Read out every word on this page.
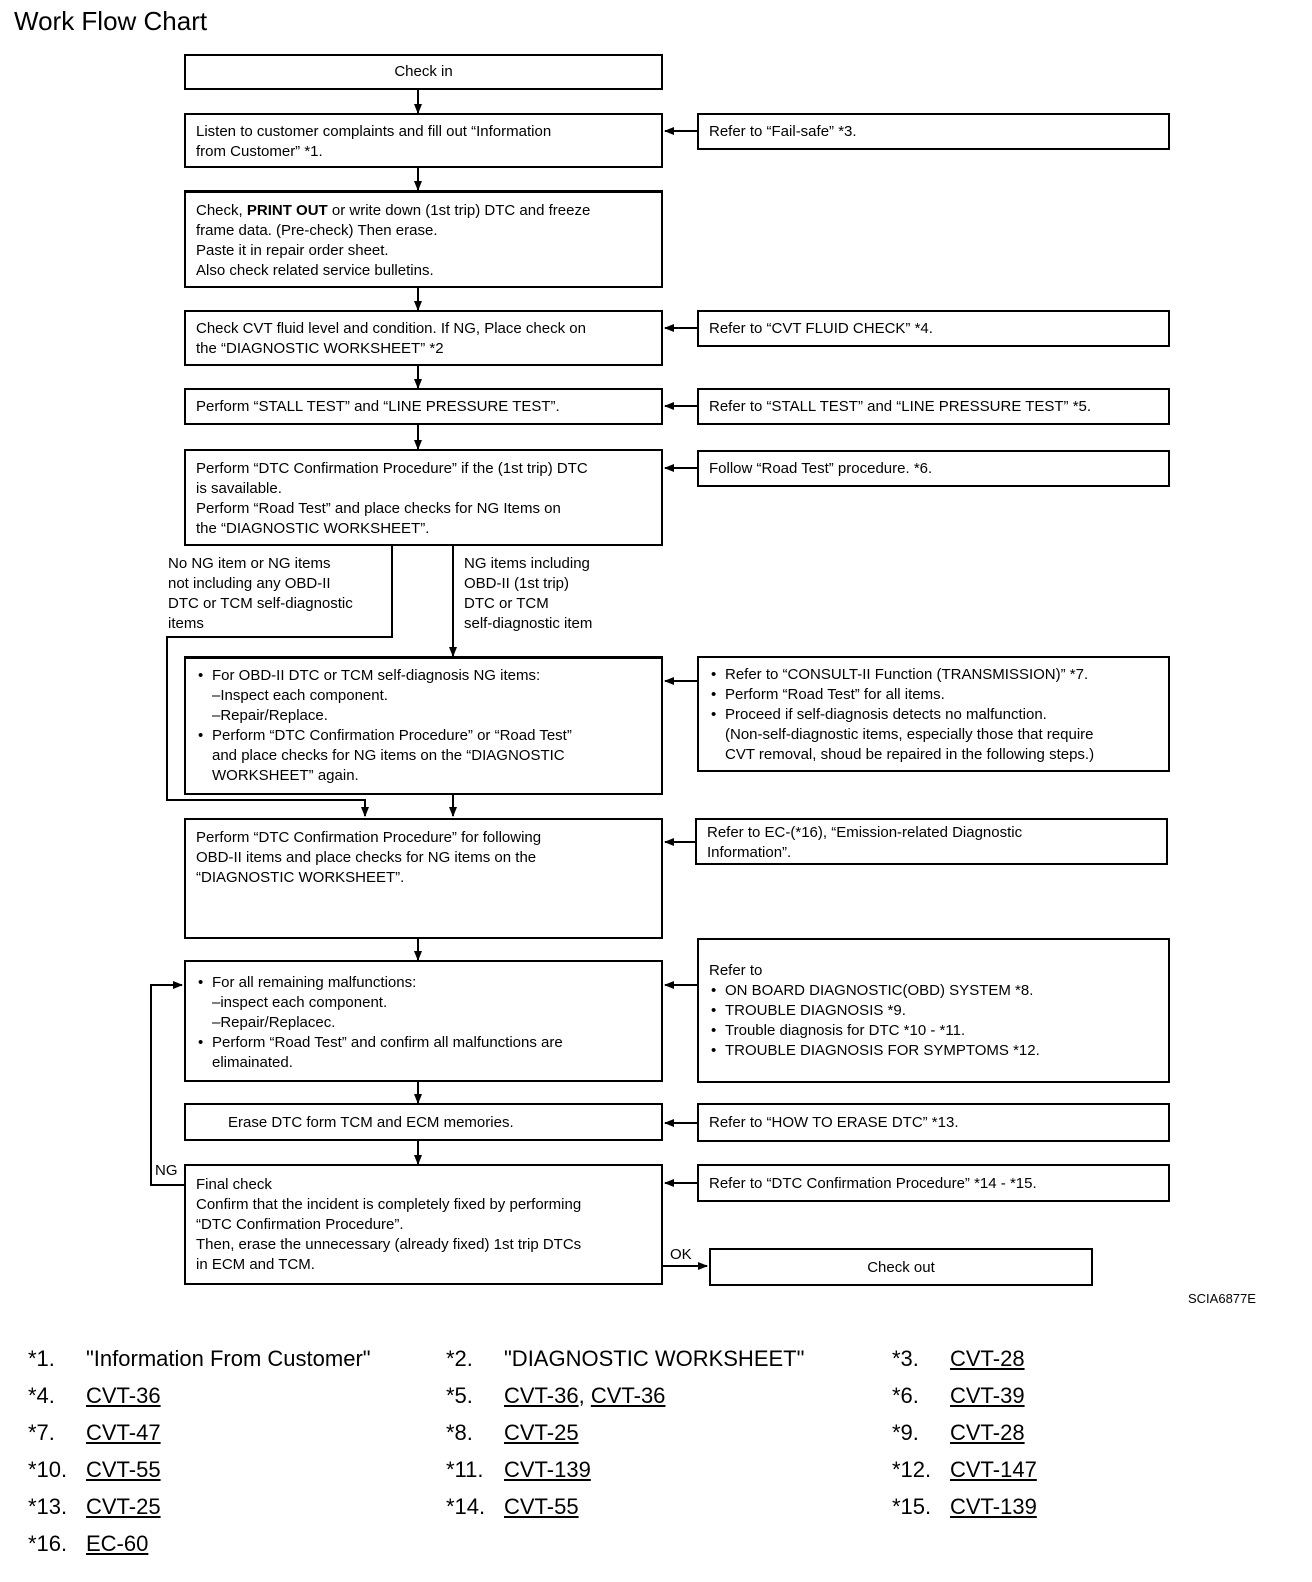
Work Flow Chart
Check in
Listen to customer complaints and fill out “Information
from Customer” *1.
Refer to “Fail-safe” *3.
Check, PRINT OUT or write down (1st trip) DTC and freeze
frame data. (Pre-check) Then erase.
Paste it in repair order sheet.
Also check related service bulletins.
Check CVT fluid level and condition. If NG, Place check on
the “DIAGNOSTIC WORKSHEET” *2
Refer to “CVT FLUID CHECK” *4.
Perform “STALL TEST” and “LINE PRESSURE TEST”.	Refer to “STALL TEST” and “LINE PRESSURE TEST” *5.
Perform “DTC Confirmation Procedure” if the (1st trip) DTC
is savailable.
Perform “Road Test” and place checks for NG Items on
the “DIAGNOSTIC WORKSHEET”.
Follow “Road Test” procedure. *6.
No NG item or NG items
not including any OBD-II
DTC or TCM self-diagnostic
items
NG items including
OBD-II (1st trip)
DTC or TCM
self-diagnostic item
• For OBD-II DTC or TCM self-diagnosis NG items:
–Inspect each component.
–Repair/Replace.
• Perform “DTC Confirmation Procedure” or “Road Test”
and place checks for NG items on the “DIAGNOSTIC
WORKSHEET” again.
• Refer to “CONSULT-II Function (TRANSMISSION)” *7.
• Perform “Road Test” for all items.
• Proceed if self-diagnosis detects no malfunction.
(Non-self-diagnostic items, especially those that require
CVT removal, shoud be repaired in the following steps.)
Perform “DTC Confirmation Procedure” for following
OBD-II items and place checks for NG items on the
“DIAGNOSTIC WORKSHEET”.
Refer to EC-(*16), “Emission-related Diagnostic
Information”.
• For all remaining malfunctions:
–inspect each component.
–Repair/Replacec.
• Perform “Road Test” and confirm all malfunctions are
elimainated.
Refer to
• ON BOARD DIAGNOSTIC(OBD) SYSTEM *8.
• TROUBLE DIAGNOSIS *9.
• Trouble diagnosis for DTC *10 - *11.
• TROUBLE DIAGNOSIS FOR SYMPTOMS *12.
Erase DTC form TCM and ECM memories.	Refer to “HOW TO ERASE DTC” *13.
Final check
Confirm that the incident is completely fixed by performing
“DTC Confirmation Procedure”.
Then, erase the unnecessary (already fixed) 1st trip DTCs
in ECM and TCM.
Refer to “DTC Confirmation Procedure” *14 - *15.
Check out
NG
OK
SCIA6877E
*1.	"Information From Customer"	*2.	"DIAGNOSTIC WORKSHEET"	*3.	CVT-28
*4.	CVT-36	*5.	CVT-36, CVT-36	*6.	CVT-39
*7.	CVT-47	*8.	CVT-25	*9.	CVT-28
*10.	CVT-55	*11.	CVT-139	*12.	CVT-147
*13.	CVT-25	*14.	CVT-55	*15.	CVT-139
*16.	EC-60				
